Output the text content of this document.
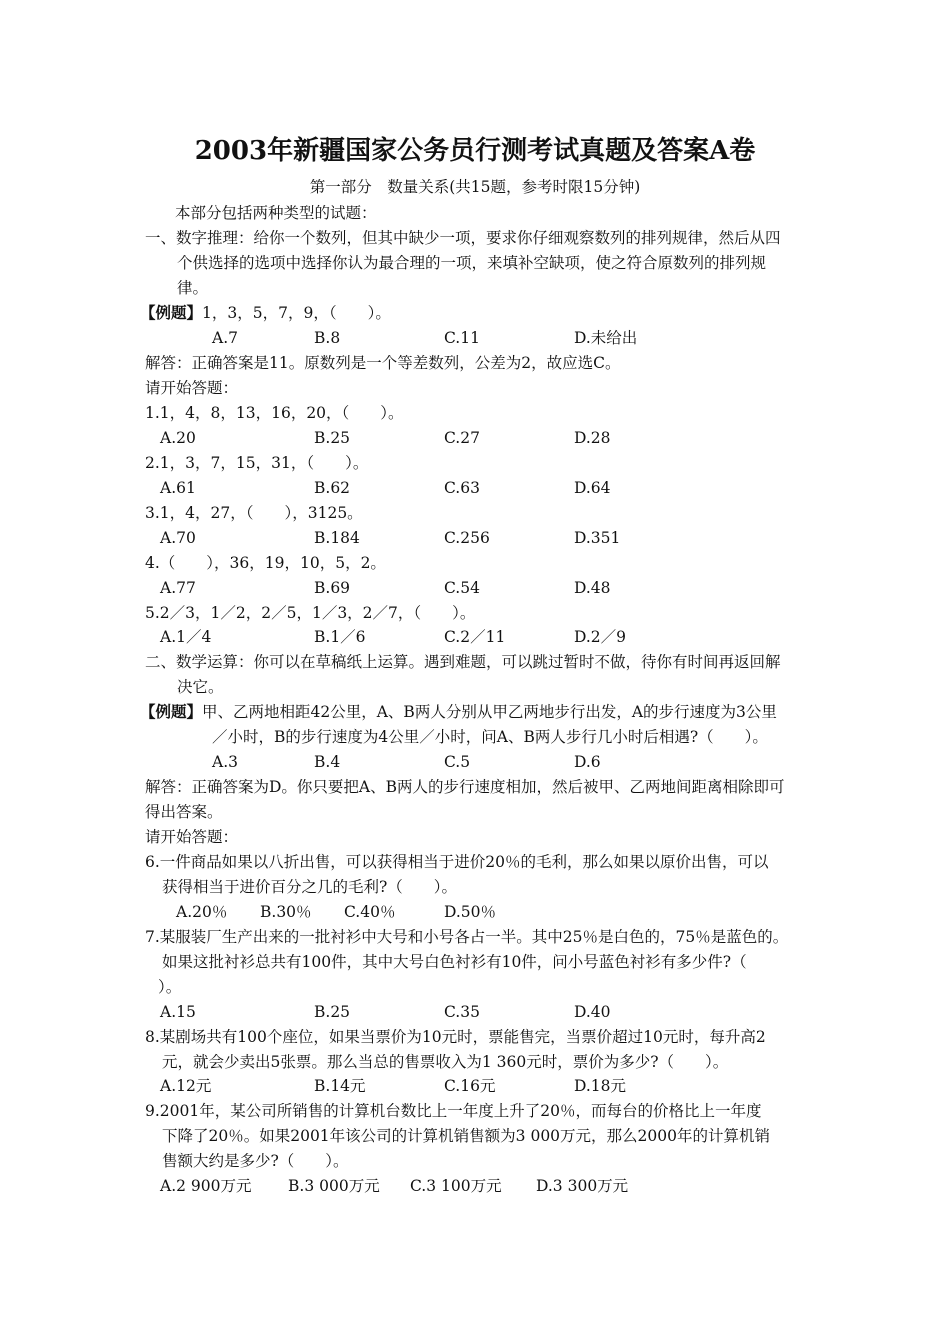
2003年新疆国家公务员行测考试真题及答案A卷
第一部分　数量关系(共15题，参考时限15分钟)
本部分包括两种类型的试题：
一、数字推理：给你一个数列，但其中缺少一项，要求你仔细观察数列的排列规律，然后从四
个供选择的选项中选择你认为最合理的一项，来填补空缺项，使之符合原数列的排列规
律。
【例题】1，3，5，7，9，（　　）。
A.7	B.8	C.11	D.未给出
解答：正确答案是11。原数列是一个等差数列，公差为2，故应选C。
请开始答题：
1.1，4，8，13，16，20，（　　）。
A.20	B.25	C.27	D.28
2.1，3，7，15，31，（　　）。
A.61	B.62	C.63	D.64
3.1，4，27，（　　），3125。
A.70	B.184	C.256	D.351
4.（　　），36，19，10，5，2。
A.77	B.69	C.54	D.48
5.2／3，1／2，2／5，1／3，2／7，（　　）。
A.1／4	B.1／6	C.2／11	D.2／9
二、数学运算：你可以在草稿纸上运算。遇到难题，可以跳过暂时不做，待你有时间再返回解
决它。
【例题】甲、乙两地相距42公里，A、B两人分别从甲乙两地步行出发，A的步行速度为3公里
／小时，B的步行速度为4公里／小时，问A、B两人步行几小时后相遇?（　　）。
A.3	B.4	C.5	D.6
解答：正确答案为D。你只要把A、B两人的步行速度相加，然后被甲、乙两地间距离相除即可
得出答案。
请开始答题：
6.一件商品如果以八折出售，可以获得相当于进价20％的毛利，那么如果以原价出售，可以
获得相当于进价百分之几的毛利?（　　）。
A.20％ B.30％ C.40％	D.50％
7.某服装厂生产出来的一批衬衫中大号和小号各占一半。其中25％是白色的，75％是蓝色的。
如果这批衬衫总共有100件，其中大号白色衬衫有10件，问小号蓝色衬衫有多少件?（
）。
A.15	B.25	C.35	D.40
8.某剧场共有100个座位，如果当票价为10元时，票能售完，当票价超过10元时，每升高2
元，就会少卖出5张票。那么当总的售票收入为1 360元时，票价为多少?（　　）。
A.12元	B.14元	C.16元	D.18元
9.2001年，某公司所销售的计算机台数比上一年度上升了20％，而每台的价格比上一年度
下降了20％。如果2001年该公司的计算机销售额为3 000万元，那么2000年的计算机销
售额大约是多少?（　　）。
A.2 900万元 B.3 000万元 C.3 100万元 D.3 300万元
